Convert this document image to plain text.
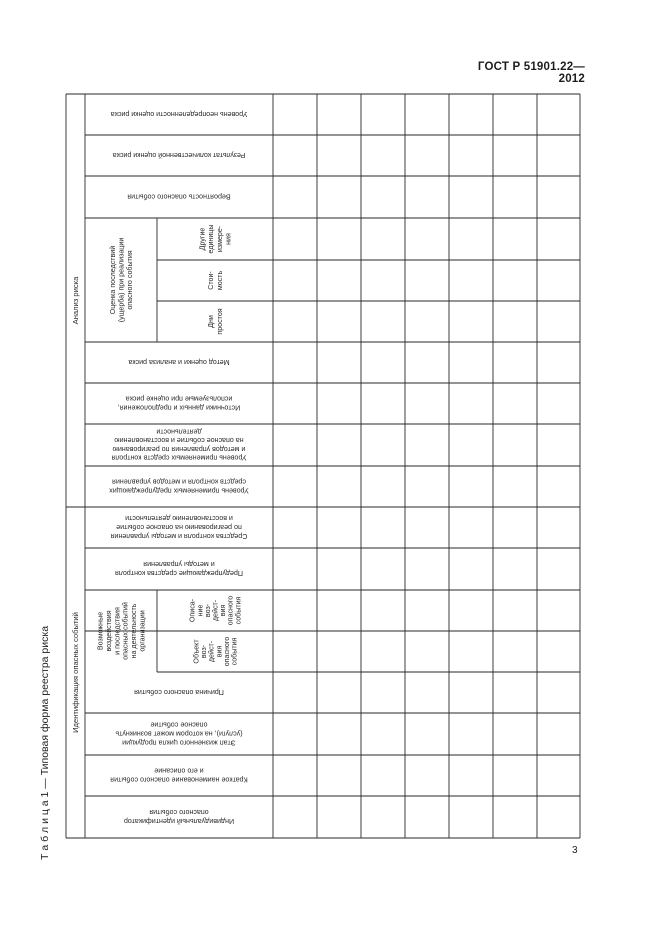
ГОСТ Р 51901.22—2012
Т а б л и ц а 1 — Типовая форма реестра риска	3
Уровень неопределенности оценки риска
Результат количественной оценки риска
Вероятность опасного события
Метод оценки и анализа риска
Источники данных и предположения,используемые при оценке риска
Уровень применяемых средств контроляи методов управления по реагированиюна опасное событие и восстановлениюдеятельности
Уровень применяемых предупреждающихсредств контроля и методов управления
Средства контроля и методы управленияпо реагированию на опасное событиеи восстановлению деятельности
Предупреждающие средства контроляи методы управления
Причина опасного события
Этап жизненного цикла продукции(услуги), на котором может возникнутьопасное событие
Краткое наименование опасного событияи его описание
Индивидуальный идентификаторопасного события
Другиеединицыизмере-ния
Стои-мость
Днипростоя
Описа-ниевоз-дейст-вияопасногособытия
Объектвоз-дейст-вияопасногособытия
Оценка последствий(ущерба) при реализацииопасного события
Возможныевоздействияи последствияопасных событийна деятельностьорганизации
Анализ риска
Идентификация опасных событий
